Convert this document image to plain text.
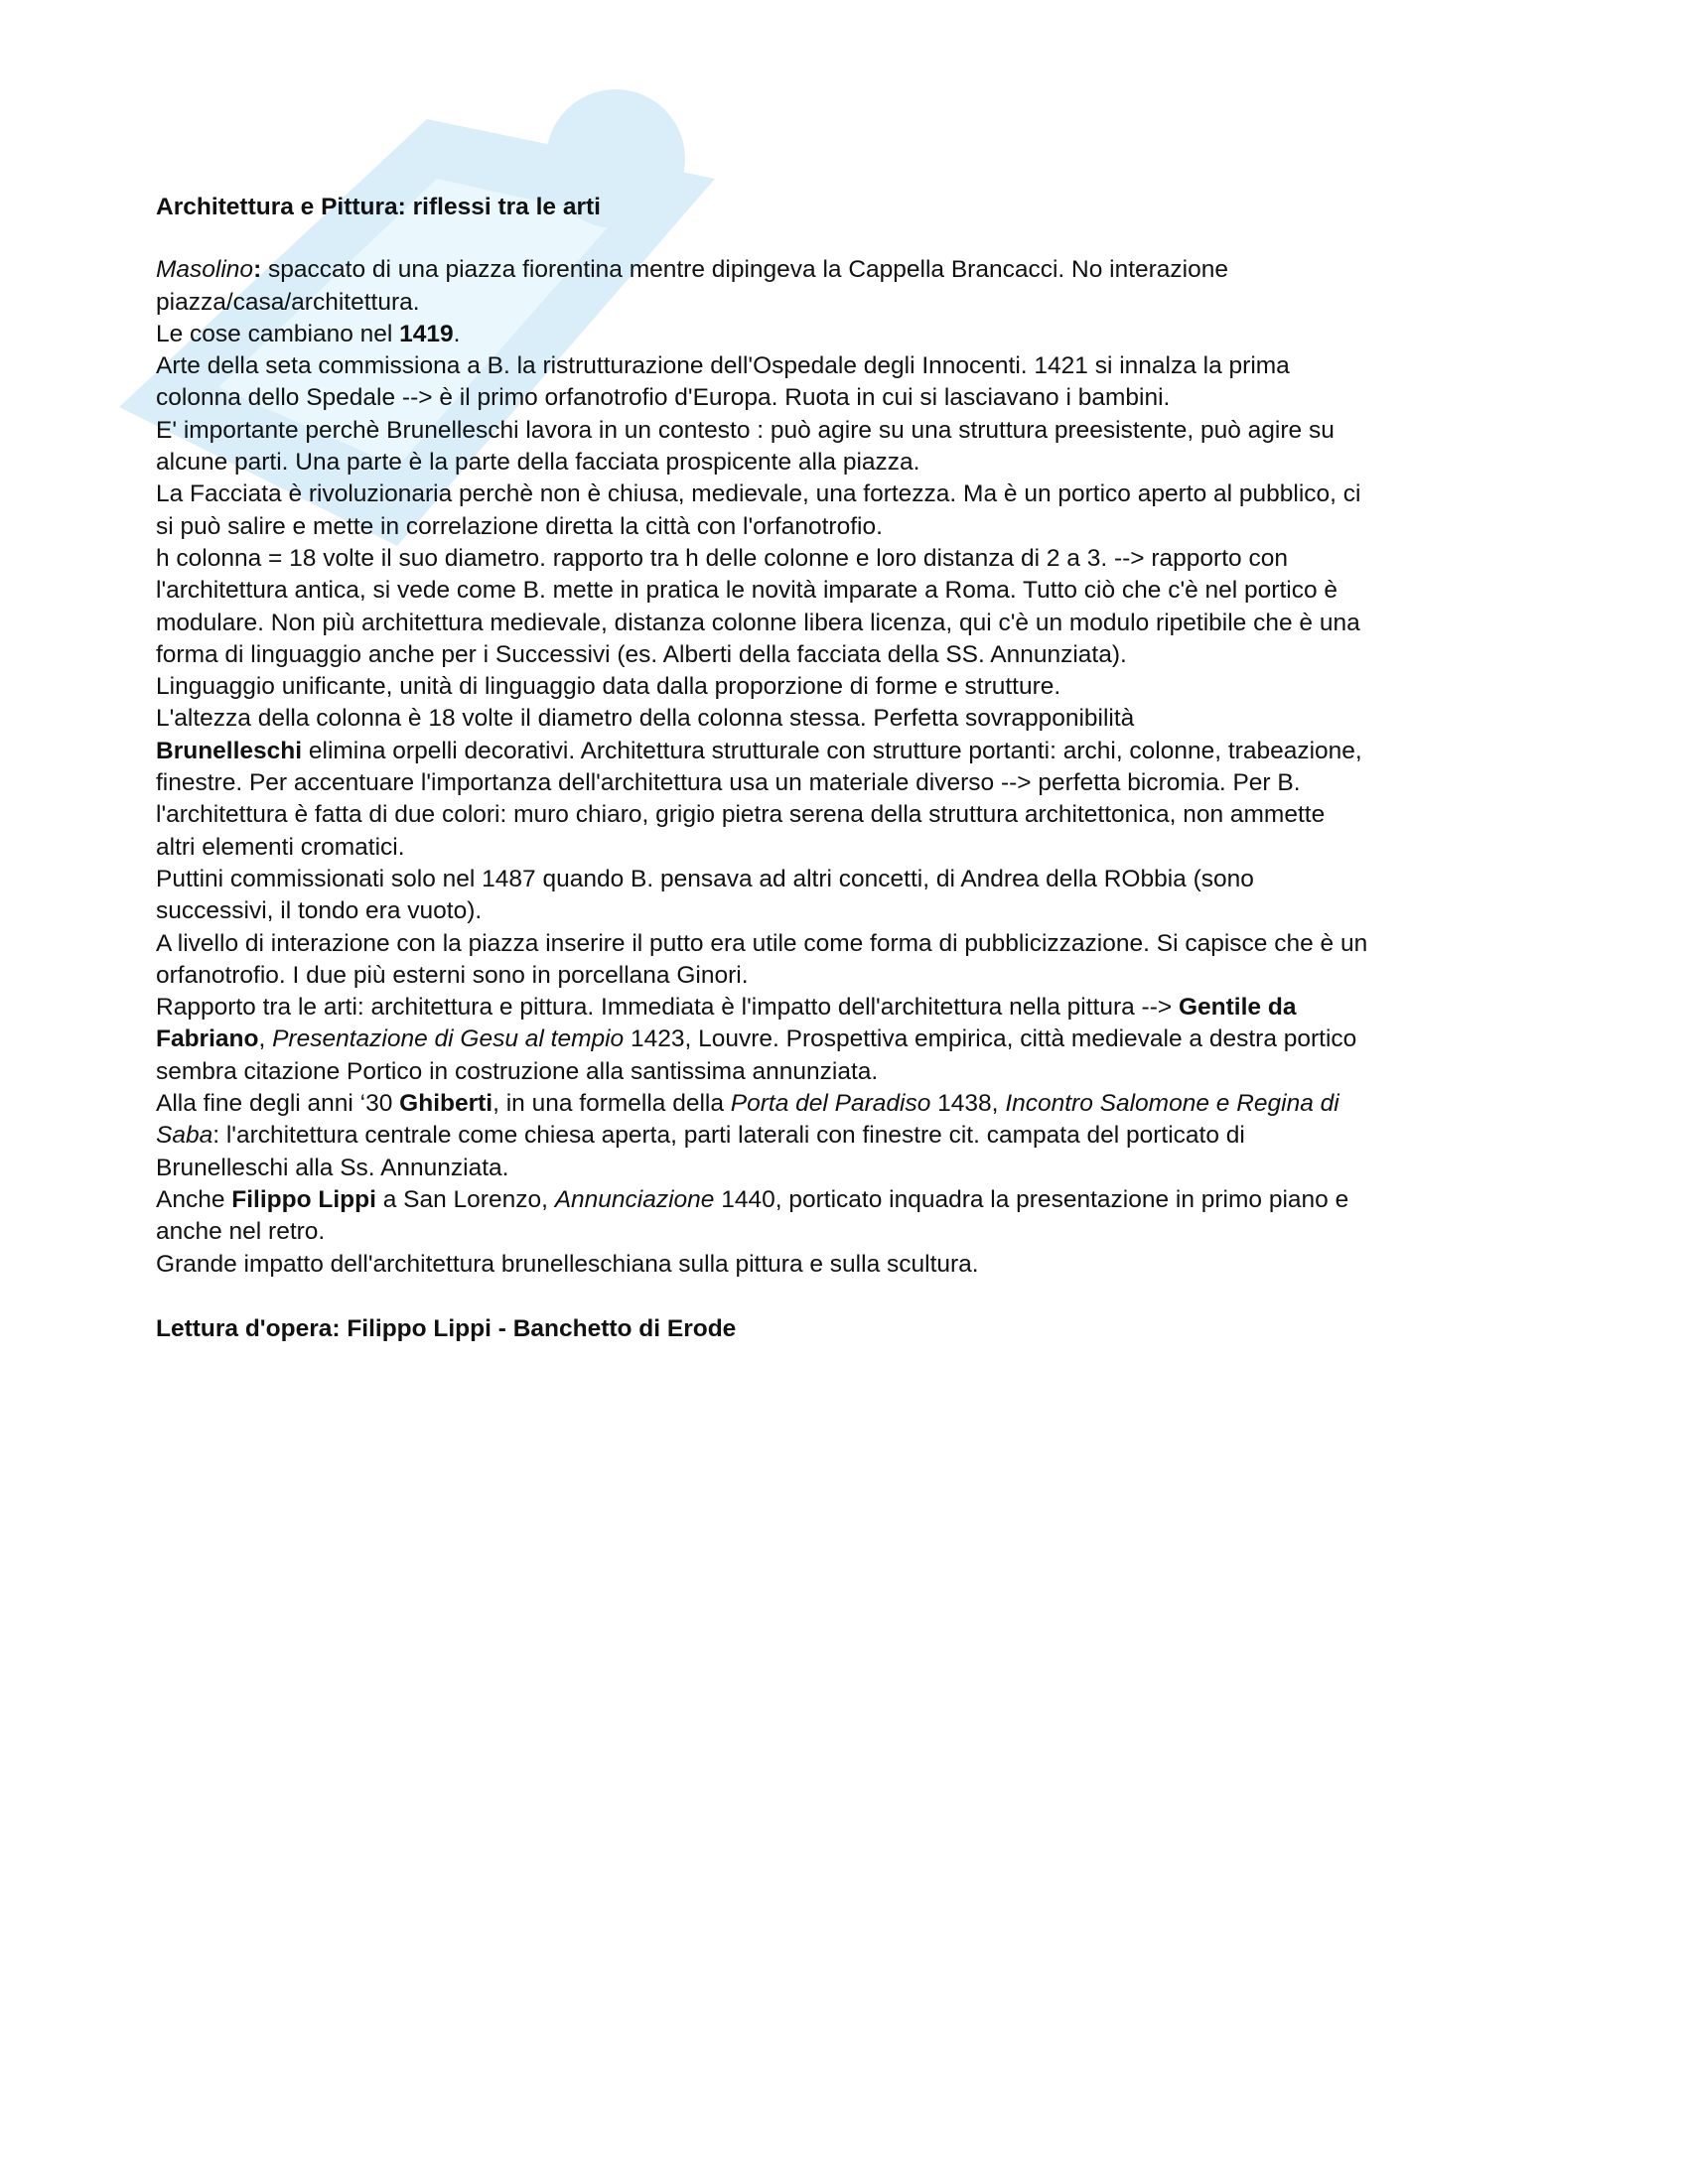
Architettura e Pittura: riflessi tra le arti
Masolino: spaccato di una piazza fiorentina mentre dipingeva la Cappella Brancacci. No interazione
piazza/casa/architettura.
Le cose cambiano nel 1419.
Arte della seta commissiona a B. la ristrutturazione dell'Ospedale degli Innocenti. 1421 si innalza la prima
colonna dello Spedale --> è il primo orfanotrofio d'Europa. Ruota in cui si lasciavano i bambini.
E' importante perchè Brunelleschi lavora in un contesto : può agire su una struttura preesistente, può agire su
alcune parti. Una parte è la parte della facciata prospicente alla piazza.
La Facciata è rivoluzionaria perchè non è chiusa, medievale, una fortezza. Ma è un portico aperto al pubblico, ci
si può salire e mette in correlazione diretta la città con l'orfanotrofio.
h colonna = 18 volte il suo diametro. rapporto tra h delle colonne e loro distanza di 2 a 3. --> rapporto con
l'architettura antica, si vede come B. mette in pratica le novità imparate a Roma. Tutto ciò che c'è nel portico è
modulare. Non più architettura medievale, distanza colonne libera licenza, qui c'è un modulo ripetibile che è una
forma di linguaggio anche per i Successivi (es. Alberti della facciata della SS. Annunziata).
Linguaggio unificante, unità di linguaggio data dalla proporzione di forme e strutture.
L'altezza della colonna è 18 volte il diametro della colonna stessa. Perfetta sovrapponibilità
Brunelleschi elimina orpelli decorativi. Architettura strutturale con strutture portanti: archi, colonne, trabeazione,
finestre. Per accentuare l'importanza dell'architettura usa un materiale diverso --> perfetta bicromia. Per B.
l'architettura è fatta di due colori: muro chiaro, grigio pietra serena della struttura architettonica, non ammette
altri elementi cromatici.
Puttini commissionati solo nel 1487 quando B. pensava ad altri concetti, di Andrea della RObbia (sono
successivi, il tondo era vuoto).
A livello di interazione con la piazza inserire il putto era utile come forma di pubblicizzazione. Si capisce che è un
orfanotrofio. I due più esterni sono in porcellana Ginori.
Rapporto tra le arti: architettura e pittura. Immediata è l'impatto dell'architettura nella pittura --> Gentile da
Fabriano, Presentazione di Gesu al tempio 1423, Louvre. Prospettiva empirica, città medievale a destra portico
sembra citazione Portico in costruzione alla santissima annunziata.
Alla fine degli anni ‘30 Ghiberti, in una formella della Porta del Paradiso 1438, Incontro Salomone e Regina di
Saba: l'architettura centrale come chiesa aperta, parti laterali con finestre cit. campata del porticato di
Brunelleschi alla Ss. Annunziata.
Anche Filippo Lippi a San Lorenzo, Annunciazione 1440, porticato inquadra la presentazione in primo piano e
anche nel retro.
Grande impatto dell'architettura brunelleschiana sulla pittura e sulla scultura.
Lettura d'opera: Filippo Lippi - Banchetto di Erode
